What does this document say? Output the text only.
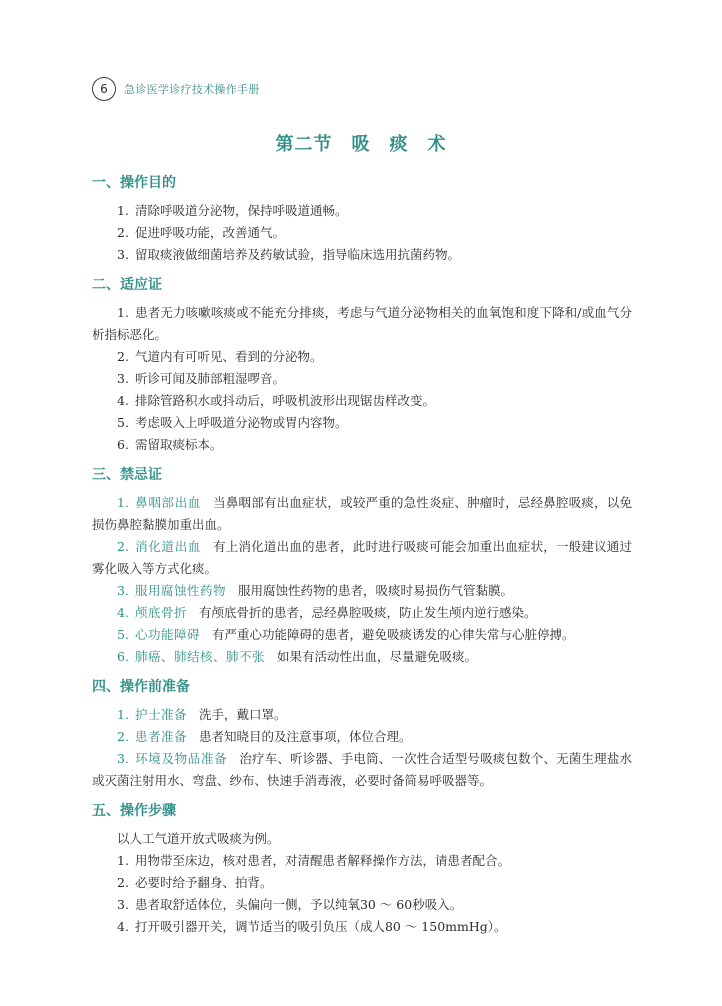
6	急诊医学诊疗技术操作手册
第二节　吸　痰　术
一、操作目的

1. 清除呼吸道分泌物，保持呼吸道通畅。

2. 促进呼吸功能，改善通气。

3. 留取痰液做细菌培养及药敏试验，指导临床选用抗菌药物。

二、适应证

1. 患者无力咳嗽咳痰或不能充分排痰，考虑与气道分泌物相关的血氧饱和度下降和/或血气分析指标恶化。

2. 气道内有可听见、看到的分泌物。

3. 听诊可闻及肺部粗湿啰音。

4. 排除管路积水或抖动后，呼吸机波形出现锯齿样改变。

5. 考虑吸入上呼吸道分泌物或胃内容物。

6. 需留取痰标本。

三、禁忌证

1. 鼻咽部出血 当鼻咽部有出血症状，或较严重的急性炎症、肿瘤时，忌经鼻腔吸痰，以免损伤鼻腔黏膜加重出血。

2. 消化道出血 有上消化道出血的患者，此时进行吸痰可能会加重出血症状，一般建议通过雾化吸入等方式化痰。

3. 服用腐蚀性药物 服用腐蚀性药物的患者，吸痰时易损伤气管黏膜。

4. 颅底骨折 有颅底骨折的患者，忌经鼻腔吸痰，防止发生颅内逆行感染。

5. 心功能障碍 有严重心功能障碍的患者，避免吸痰诱发的心律失常与心脏停搏。

6. 肺癌、肺结核、肺不张 如果有活动性出血，尽量避免吸痰。

四、操作前准备

1. 护士准备 洗手，戴口罩。

2. 患者准备 患者知晓目的及注意事项，体位合理。

3. 环境及物品准备 治疗车、听诊器、手电筒、一次性合适型号吸痰包数个、无菌生理盐水或灭菌注射用水、弯盘、纱布、快速手消毒液，必要时备简易呼吸器等。

五、操作步骤

以人工气道开放式吸痰为例。

1. 用物带至床边，核对患者，对清醒患者解释操作方法，请患者配合。

2. 必要时给予翻身、拍背。

3. 患者取舒适体位，头偏向一侧，予以纯氧30 ～ 60秒吸入。

4. 打开吸引器开关，调节适当的吸引负压（成人80 ～ 150mmHg）。
